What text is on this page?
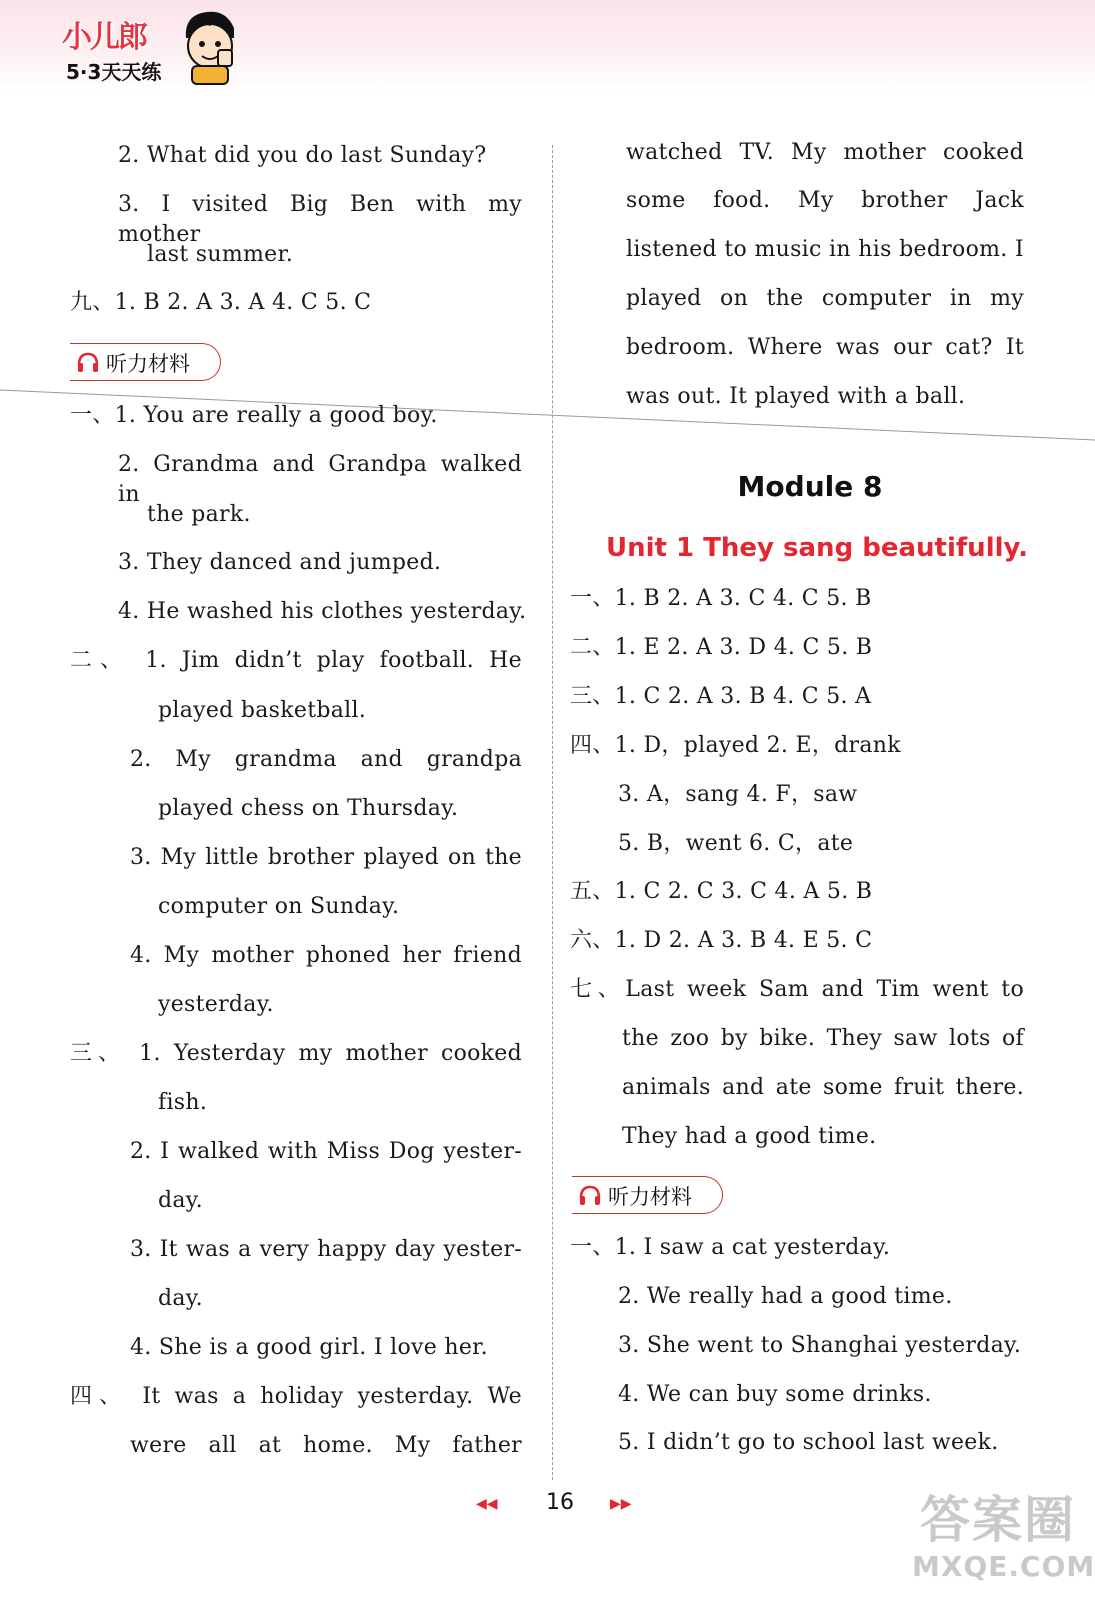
小儿郎
5·3天天练
2. What did you do last Sunday?
3. I visited Big Ben with my mother
last summer.
九、1. B 2. A 3. A 4. C 5. C
听力材料
一、1. You are really a good boy.
2. Grandma and Grandpa walked in
the park.
3. They danced and jumped.
4. He washed his clothes yesterday.
二、 1. Jim didn’t play football. He
played basketball.
2. My grandma and grandpa
played chess on Thursday.
3. My little brother played on the
computer on Sunday.
4. My mother phoned her friend
yesterday.
三、 1. Yesterday my mother cooked
fish.
2. I walked with Miss Dog yester-
day.
3. It was a very happy day yester-
day.
4. She is a good girl. I love her.
四、 It was a holiday yesterday. We
were all at home. My father
watched TV. My mother cooked
some food. My brother Jack
listened to music in his bedroom. I
played on the computer in my
bedroom. Where was our cat? It
was out. It played with a ball.
Module 8
Unit 1 They sang beautifully.
一、1. B 2. A 3. C 4. C 5. B
二、1. E 2. A 3. D 4. C 5. B
三、1. C 2. A 3. B 4. C 5. A
四、1. D，played 2. E，drank
3. A，sang 4. F，saw
5. B，went 6. C，ate
五、1. C 2. C 3. C 4. A 5. B
六、1. D 2. A 3. B 4. E 5. C
七、Last week Sam and Tim went to
the zoo by bike. They saw lots of
animals and ate some fruit there.
They had a good time.
听力材料
一、1. I saw a cat yesterday.
2. We really had a good time.
3. She went to Shanghai yesterday.
4. We can buy some drinks.
5. I didn’t go to school last week.
◀◀ 16	▶▶	答案圈
MXQE.COM
